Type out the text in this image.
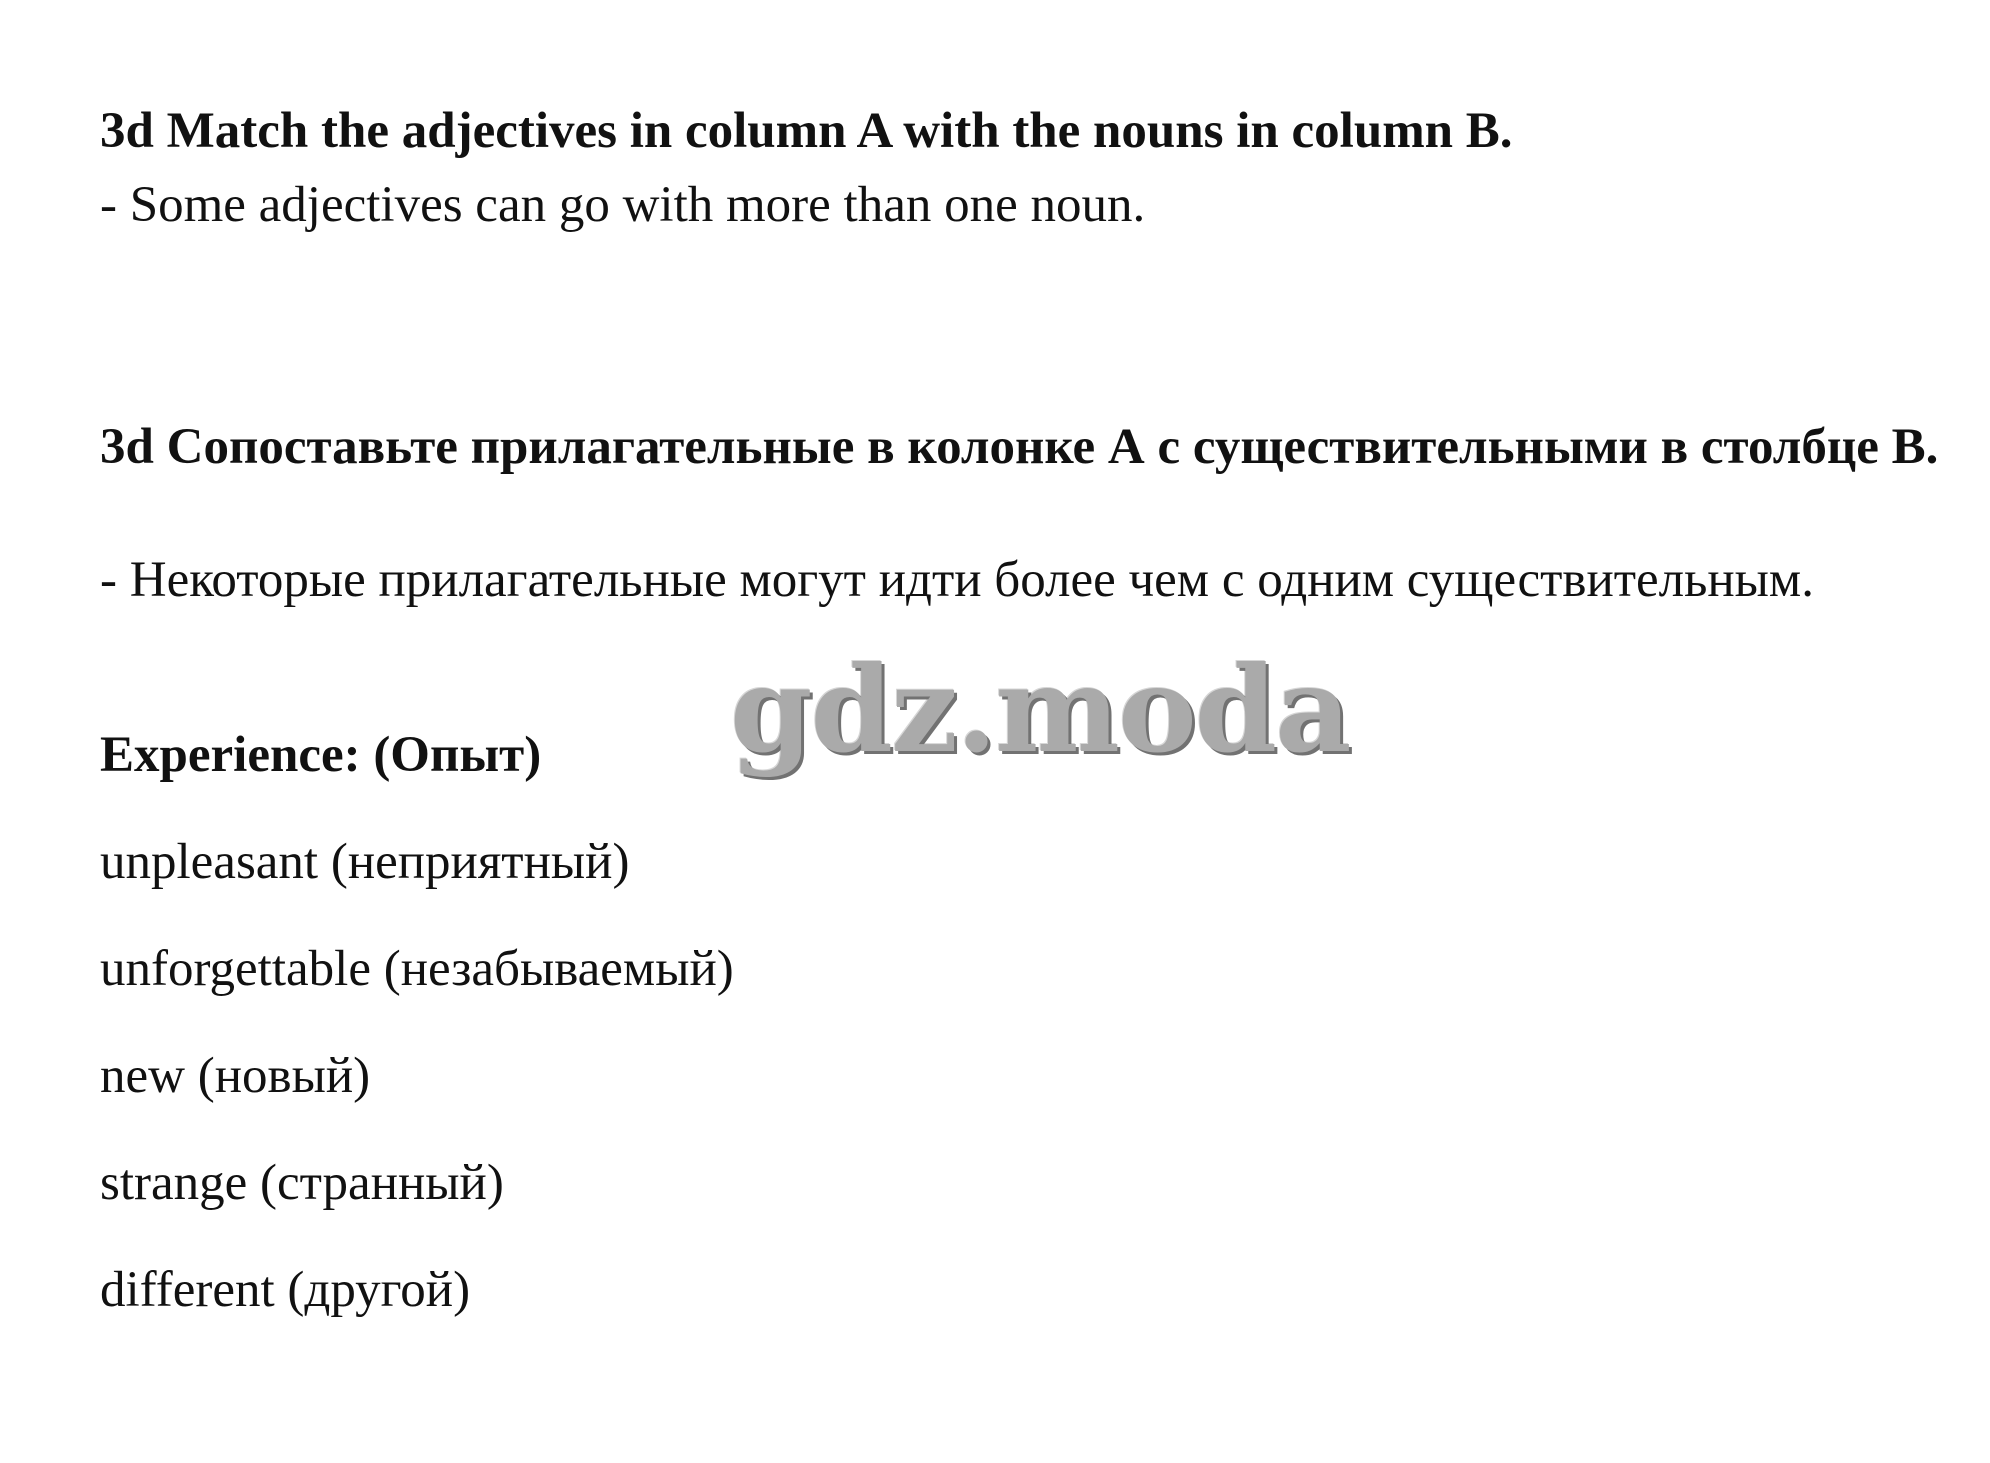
3d Match the adjectives in column A with the nouns in column B.
- Some adjectives can go with more than one noun.
3d Сопоставьте прилагательные в колонке А с существительными в столбце В.
- Некоторые прилагательные могут идти более чем с одним существительным.
Experience: (Опыт)
unpleasant (неприятный)
unforgettable (незабываемый)
new (новый)
strange (странный)
different (другой)
gdz.moda
